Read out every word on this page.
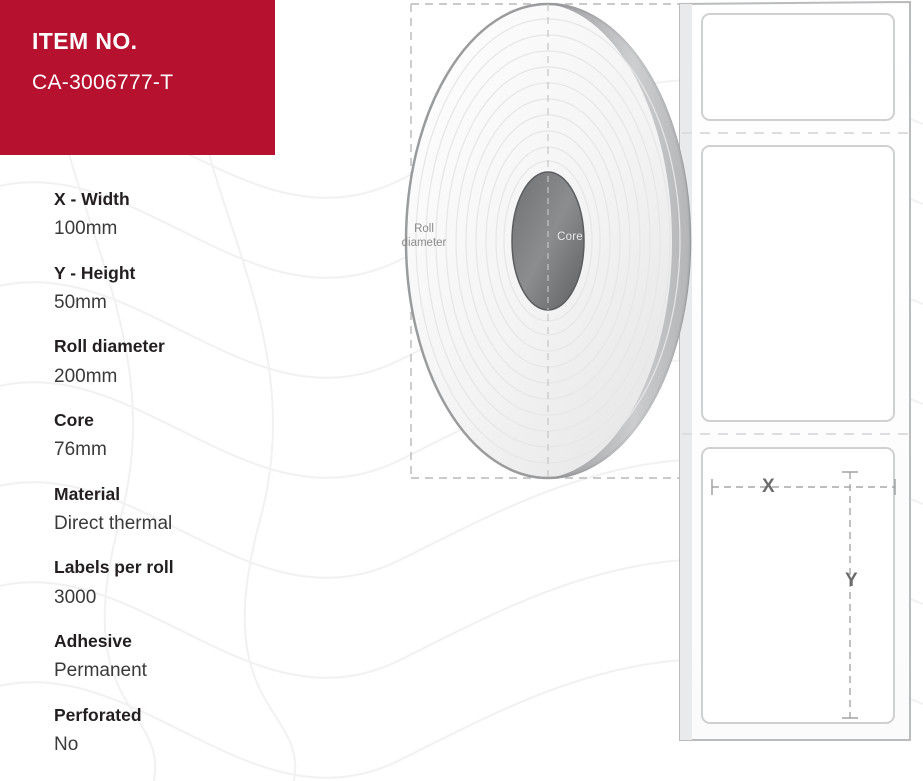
ITEM NO.
CA-3006777-T
X - Width
100mm
Y - Height
50mm
Roll diameter
200mm
Core
76mm
Material
Direct thermal
Labels per roll
3000
Adhesive
Permanent
Perforated
No
Roll
diameter
Core
X
Y
